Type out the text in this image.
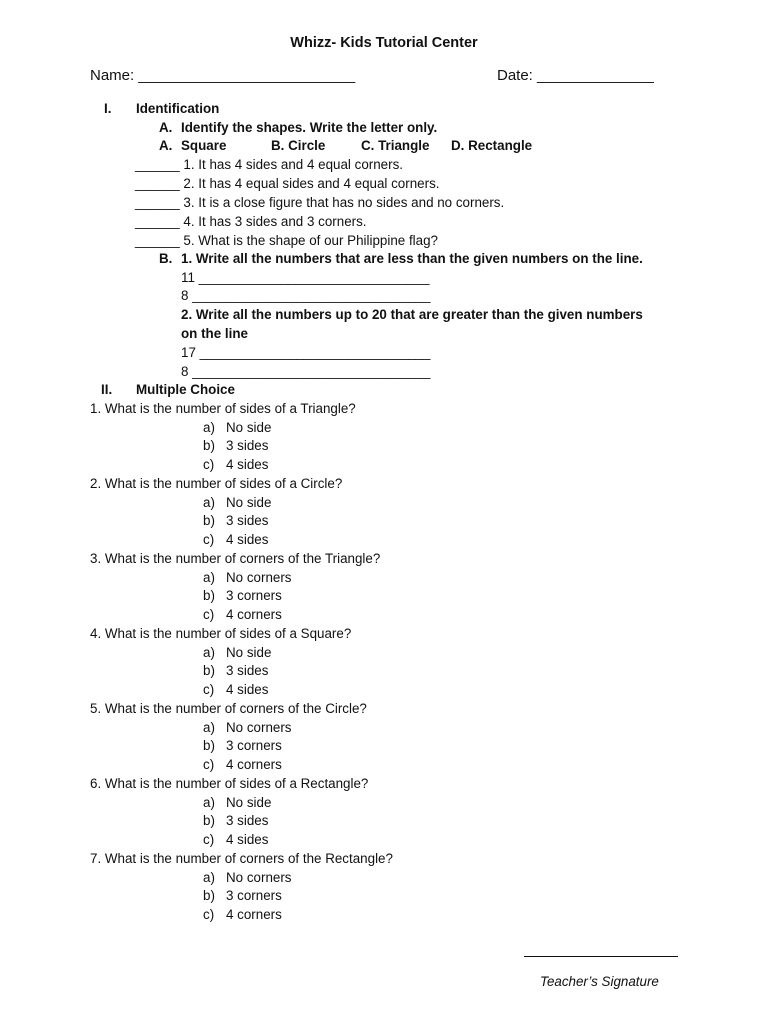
Whizz- Kids Tutorial Center
Name: __________________________	Date: ______________
I. Identification
A. Identify the shapes. Write the letter only.
A. Square	B. Circle	C. Triangle D. Rectangle
______ 1. It has 4 sides and 4 equal corners.
______ 2. It has 4 equal sides and 4 equal corners.
______ 3. It is a close figure that has no sides and no corners.
______ 4. It has 3 sides and 3 corners.
______ 5. What is the shape of our Philippine flag?
B. 1. Write all the numbers that are less than the given numbers on the line.
11 _______________________________
8 ________________________________
2. Write all the numbers up to 20 that are greater than the given numbers
on the line
17 _______________________________
8 ________________________________
II. Multiple Choice
1. What is the number of sides of a Triangle?
a) No side
b) 3 sides
c) 4 sides
2. What is the number of sides of a Circle?
a) No side
b) 3 sides
c) 4 sides
3. What is the number of corners of the Triangle?
a) No corners
b) 3 corners
c) 4 corners
4. What is the number of sides of a Square?
a) No side
b) 3 sides
c) 4 sides
5. What is the number of corners of the Circle?
a) No corners
b) 3 corners
c) 4 corners
6. What is the number of sides of a Rectangle?
a) No side
b) 3 sides
c) 4 sides
7. What is the number of corners of the Rectangle?
a) No corners
b) 3 corners
c) 4 corners
Teacher’s Signature
